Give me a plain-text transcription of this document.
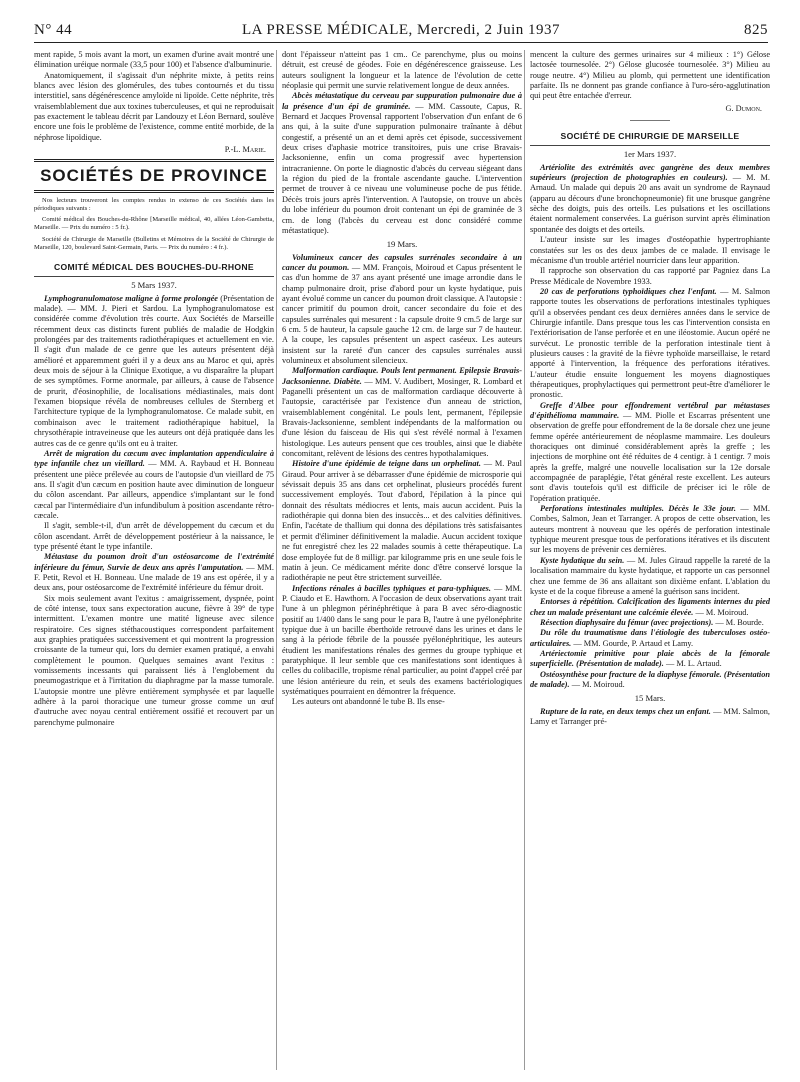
N° 44	LA PRESSE MÉDICALE, Mercredi, 2 Juin 1937	825

ment rapide, 5 mois avant la mort, un examen d'urine avait montré une élimination uréique normale (33,5 pour 100) et l'absence d'albuminurie.

Anatomiquement, il s'agissait d'un néphrite mixte, à petits reins blancs avec lésion des glomérules, des tubes contournés et du tissu interstitiel, sans dégénérescence amyloïde ni lipoïde. Cette néphrite, très vraisemblablement due aux toxines tuberculeuses, et qui ne reproduisait pas exactement le tableau décrit par Landouzy et Léon Bernard, soulève encore une fois le problème de l'existence, comme entité morbide, de la néphrose lipoïdique.

P.-L. Marie.
SOCIÉTÉS DE PROVINCE

Nos lecteurs trouveront les comptes rendus in extenso de ces Sociétés dans les périodiques suivants :

Comité médical des Bouches-du-Rhône [Marseille médical, 40, allées Léon-Gambetta, Marseille. — Prix du numéro : 5 fr.).

Société de Chirurgie de Marseille (Bulletins et Mémoires de la Société de Chirurgie de Marseille, 120, boulevard Saint-Germain, Paris. — Prix du numéro : 4 fr.).

COMITÉ MÉDICAL DES BOUCHES-DU-RHONE
5 Mars 1937.

Lymphogranulomatose maligne à forme prolongée (Présentation de malade). — MM. J. Pieri et Sardou. La lymphogranulomatose est considérée comme d'évolution très courte. Aux Sociétés de Marseille récemment deux cas distincts furent publiés de maladie de Hodgkin prolongées par des traitements radiothérapiques et actuellement en vie. Il s'agit d'un malade de ce genre que les auteurs présentent déjà amélioré et apparemment guéri il y a deux ans au Maroc et qui, après deux mois de séjour à la Clinique Exotique, a vu disparaître la plupart de ses symptômes. Forme anormale, par ailleurs, à cause de l'absence de prurit, d'éosinophilie, de localisations médiastinales, mais dont l'examen biopsique révéla de nombreuses cellules de Sternberg et l'architecture typique de la lymphogranulomatose. Ce malade subit, en combinaison avec le traitement radiothérapique habituel, la chrysothérapie intraveineuse que les auteurs ont déjà pratiquée dans les autres cas de ce genre qu'ils ont eu à traiter.

Arrêt de migration du cæcum avec implantation appendiculaire à type infantile chez un vieillard. — MM. A. Raybaud et H. Bonneau présentent une pièce prélevée au cours de l'autopsie d'un vieillard de 75 ans. Il s'agit d'un cæcum en position haute avec diminution de longueur du côlon ascendant. Par ailleurs, appendice s'implantant sur le fond cæcal par l'intermédiaire d'un infundibulum à position ascendante rétro-cæcale.

Il s'agit, semble-t-il, d'un arrêt de développement du cæcum et du côlon ascendant. Arrêt de développement postérieur à la naissance, le type présenté étant le type infantile.

Métastase du poumon droit d'un ostéosarcome de l'extrémité inférieure du fémur, Survie de deux ans après l'amputation. — MM. F. Petit, Revol et H. Bonneau. Une malade de 19 ans est opérée, il y a deux ans, pour ostéosarcome de l'extrémité inférieure du fémur droit.

Six mois seulement avant l'exitus : amaigrissement, dyspnée, point de côté intense, toux sans expectoration aucune, fièvre à 39° de type intermittent. L'examen montre une matité ligneuse avec silence respiratoire. Ces signes stéthacoustiques correspondent parfaitement aux graphies pratiquées successivement et qui montrent la progression croissante de la tumeur qui, lors du dernier examen pratiqué, a envahi complètement le poumon. Quelques semaines avant l'exitus : vomissements incessants qui paraissent liés à l'englobement du pneumogastrique et à l'irritation du diaphragme par la masse tumorale. L'autopsie montre une plèvre entièrement symphysée et par laquelle adhère à la paroi thoracique une tumeur grosse comme un œuf d'autruche avec noyau central entièrement ossifié et recouvert par un parenchyme pulmonaire

dont l'épaisseur n'atteint pas 1 cm.. Ce parenchyme, plus ou moins détruit, est creusé de géodes. Foie en dégénérescence graisseuse. Les auteurs soulignent la longueur et la latence de l'évolution de cette néoplasie qui permit une survie relativement longue de deux années.

Abcès métastatique du cerveau par suppuration pulmonaire due à la présence d'un épi de graminée. — MM. Cassoute, Capus, R. Bernard et Jacques Provensal rapportent l'observation d'un enfant de 6 ans qui, à la suite d'une suppuration pulmonaire traînante à début congestif, a présenté un an et demi après cet épisode, successivement deux crises d'aphasie motrice transitoires, puis une crise Bravais-Jacksonienne, enfin un coma progressif avec hypertension intracranienne. On porte le diagnostic d'abcès du cerveau siégeant dans la région du pied de la frontale ascendante gauche. L'intervention permet de trouver à ce niveau une volumineuse poche de pus fétide. Décès trois jours après l'intervention. A l'autopsie, on trouve un abcès du lobe inférieur du poumon droit contenant un épi de graminée de 3 cm. de long (l'abcès du cerveau est donc considéré comme métastatique).

19 Mars.

Volumineux cancer des capsules surrénales secondaire à un cancer du poumon. — MM. François, Moiroud et Capus présentent le cas d'un homme de 37 ans ayant présenté une image arrondie dans le champ pulmonaire droit, prise d'abord pour un kyste hydatique, puis ayant évolué comme un cancer du poumon droit classique. A l'autopsie : cancer primitif du poumon droit, cancer secondaire du foie et des capsules surrénales qui mesurent : la capsule droite 9 cm.5 de large sur 6 cm. 5 de hauteur, la capsule gauche 12 cm. de large sur 7 de hauteur. A la coupe, les capsules présentent un aspect caséeux. Les auteurs insistent sur la rareté d'un cancer des capsules surrénales aussi volumineux et absolument silencieux.

Malformation cardiaque. Pouls lent permanent. Epilepsie Bravais-Jacksonienne. Diabète. — MM. V. Audibert, Mosinger, R. Lombard et Paganelli présentent un cas de malformation cardiaque découverte à l'autopsie, caractérisée par l'existence d'un anneau de striction, vraisemblablement congénital. Le pouls lent, permanent, l'épilepsie Bravais-Jacksonienne, semblent indépendants de la malformation ou d'une lésion du faisceau de His qui s'est révélé normal à l'examen histologique. Les auteurs pensent que ces troubles, ainsi que le diabète concomitant, relèvent de lésions des centres hypothalamiques.

Histoire d'une épidémie de teigne dans un orphelinat. — M. Paul Giraud. Pour arriver à se débarrasser d'une épidémie de microsporie qui sévissait depuis 35 ans dans cet orphelinat, plusieurs procédés furent successivement employés. Tout d'abord, l'épilation à la pince qui donnait des résultats médiocres et lents, mais aucun accident. Puis la radiothérapie qui donna bien des insuccès... et des calvities définitives. Enfin, l'acétate de thallium qui donna des dépilations très satisfaisantes et permit d'éliminer définitivement la maladie. Aucun accident toxique ne fut enregistré chez les 22 malades soumis à cette thérapeutique. La dose employée fut de 8 milligr. par kilogramme pris en une seule fois le matin à jeun. Ce médicament mérite donc d'être conservé lorsque la radiothérapie ne peut être strictement surveillée.

Infections rénales à bacilles typhiques et para-typhiques. — MM. P. Ciaudo et E. Hawthorn. A l'occasion de deux observations ayant trait l'une à un phlegmon périnéphrétique à para B avec séro-diagnostic positif au 1/400 dans le sang pour le para B, l'autre à une pyélonéphrite typique due à un bacille éberthoïde retrouvé dans les urines et dans le sang à la période fébrile de la poussée pyélonéphritique, les auteurs étudient les manifestations rénales des germes du groupe typhique et paratyphique. Il leur semble que ces manifestations sont identiques à celles du colibacille, tropisme rénal particulier, au point d'appel créé par une lésion antérieure du rein, et seuls des examens bactériologiques systématiques pourraient en démontrer la fréquence.

Les auteurs ont abandonné le tube B. Ils ense-

mencent la culture des germes urinaires sur 4 milieux : 1°) Gélose lactosée tournesolée. 2°) Gélose glucosée tournesolée. 3°) Milieu au rouge neutre. 4°) Milieu au plomb, qui permettent une identification parfaite. Ils ne donnent pas grande confiance à l'uro-séro-agglutination qui peut être entachée d'erreur.

G. Dumon.
SOCIÉTÉ DE CHIRURGIE DE MARSEILLE
1er Mars 1937.

Artériolite des extrémités avec gangrène des deux membres supérieurs (projection de photographies en couleurs). — M. M. Arnaud. Un malade qui depuis 20 ans avait un syndrome de Raynaud (apparu au décours d'une bronchopneumonie) fit une brusque gangrène sèche des doigts, puis des orteils. Les pulsations et les oscillations étaient normalement conservées. La guérison survint après élimination spontanée des doigts et des orteils.

L'auteur insiste sur les images d'ostéopathie hypertrophiante constatées sur les os des deux jambes de ce malade. Il envisage le mécanisme d'un trouble artériel nourricier dans leur apparition.

Il rapproche son observation du cas rapporté par Pagniez dans La Presse Médicale de Novembre 1933.

20 cas de perforations typhoïdiques chez l'enfant. — M. Salmon rapporte toutes les observations de perforations intestinales typhiques qu'il a observées pendant ces deux dernières années dans le service de Chirurgie infantile. Dans presque tous les cas l'intervention consista en l'extériorisation de l'anse perforée et en une iléostomie. Aucun opéré ne survécut. Le pronostic terrible de la perforation intestinale tient à plusieurs causes : la gravité de la fièvre typhoïde marseillaise, le retard apporté à l'intervention, la fréquence des perforations itératives. L'auteur étudie ensuite longuement les moyens diagnostiques thérapeutiques, prophylactiques qui permettront peut-être d'améliorer le pronostic.

Greffe d'Albee pour effondrement vertébral par métastases d'épithélioma mammaire. — MM. Piolle et Escarras présentent une observation de greffe pour effondrement de la 8e dorsale chez une jeune femme opérée antérieurement de néoplasme mammaire. Les douleurs thoraciques ont diminué considérablement après la greffe ; les injections de morphine ont été réduites de 4 centigr. à 1 centigr. 7 mois après la greffe, malgré une nouvelle localisation sur la 12e dorsale accompagnée de paraplégie, l'état général reste excellent. Les auteurs sont d'avis toutefois qu'il est difficile de préciser ici le rôle de l'opération pratiquée.

Perforations intestinales multiples. Décès le 33e jour. — MM. Combes, Salmon, Jean et Tarranger. A propos de cette observation, les auteurs montrent à nouveau que les opérés de perforation intestinale typhique meurent presque tous de perforations itératives et ils discutent sur les moyens de prévenir ces dernières.

Kyste hydatique du sein. — M. Jules Giraud rappelle la rareté de la localisation mammaire du kyste hydatique, et rapporte un cas personnel chez une femme de 36 ans allaitant son dixième enfant. L'ablation du kyste et de la coque fibreuse a amené la guérison sans incident.

Entorses à répétition. Calcification des ligaments internes du pied chez un malade présentant une calcémie élevée. — M. Moiroud.

Résection diaphysaire du fémur (avec projections). — M. Bourde.

Du rôle du traumatisme dans l'étiologie des tuberculoses ostéo-articulaires. — MM. Gourde, P. Artaud et Lamy.

Artériectomie primitive pour plaie abcès de la fémorale superficielle. (Présentation de malade). — M. L. Artaud.

Ostéosynthèse pour fracture de la diaphyse fémorale. (Présentation de malade). — M. Moiroud.

15 Mars.

Rupture de la rate, en deux temps chez un enfant. — MM. Salmon, Lamy et Tarranger pré-
